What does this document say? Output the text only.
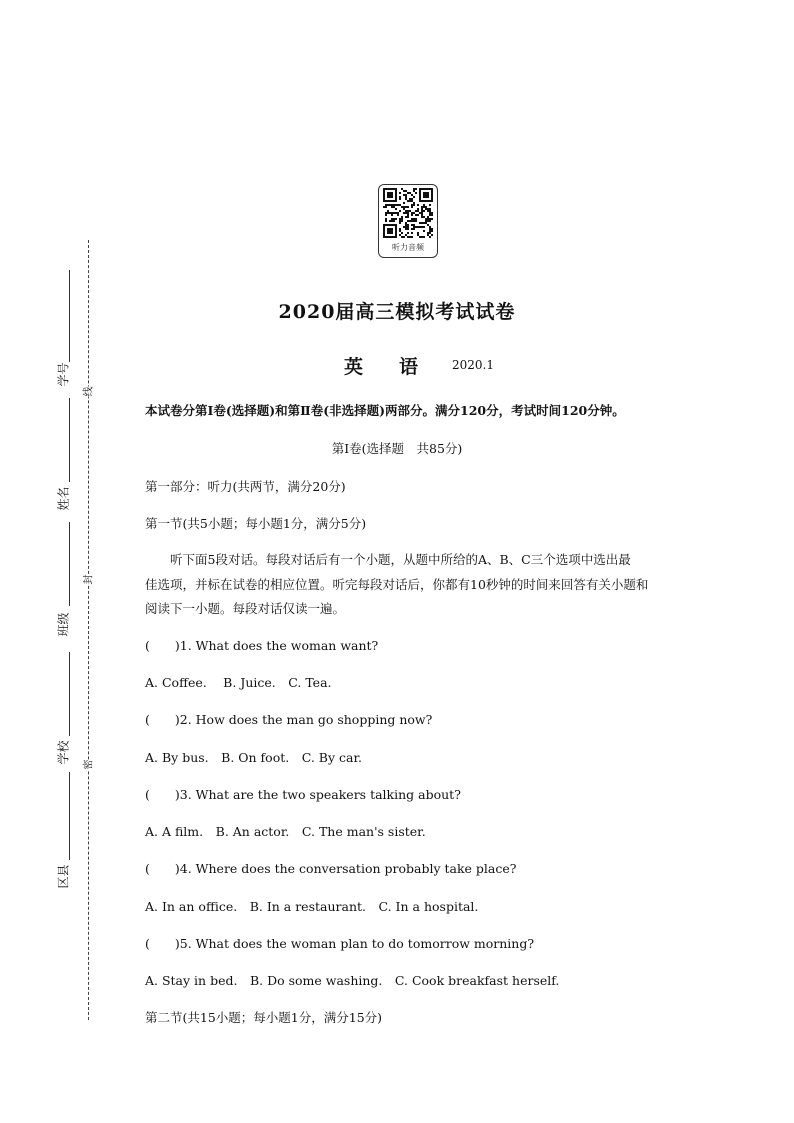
听力音频
2020届高三模拟考试试卷
英 语	2020.1
本试卷分第Ⅰ卷(选择题)和第Ⅱ卷(非选择题)两部分。满分120分，考试时间120分钟。
第Ⅰ卷(选择题　共85分)
第一部分：听力(共两节，满分20分)
第一节(共5小题；每小题1分，满分5分)
　　听下面5段对话。每段对话后有一个小题，从题中所给的A、B、C三个选项中选出最
佳选项，并标在试卷的相应位置。听完每段对话后，你都有10秒钟的时间来回答有关小题和
阅读下一小题。每段对话仅读一遍。
(　　)1. What does the woman want?
A. Coffee.　 B. Juice.　C. Tea.
(　　)2. How does the man go shopping now?
A. By bus.　B. On foot.　C. By car.
(　　)3. What are the two speakers talking about?
A. A film.　B. An actor.　C. The man's sister.
(　　)4. Where does the conversation probably take place?
A. In an office.　B. In a restaurant.　C. In a hospital.
(　　)5. What does the woman plan to do tomorrow morning?
A. Stay in bed.　B. Do some washing.　C. Cook breakfast herself.
第二节(共15小题；每小题1分，满分15分)
线
封
密
学号
姓名
班级
学校
区县
